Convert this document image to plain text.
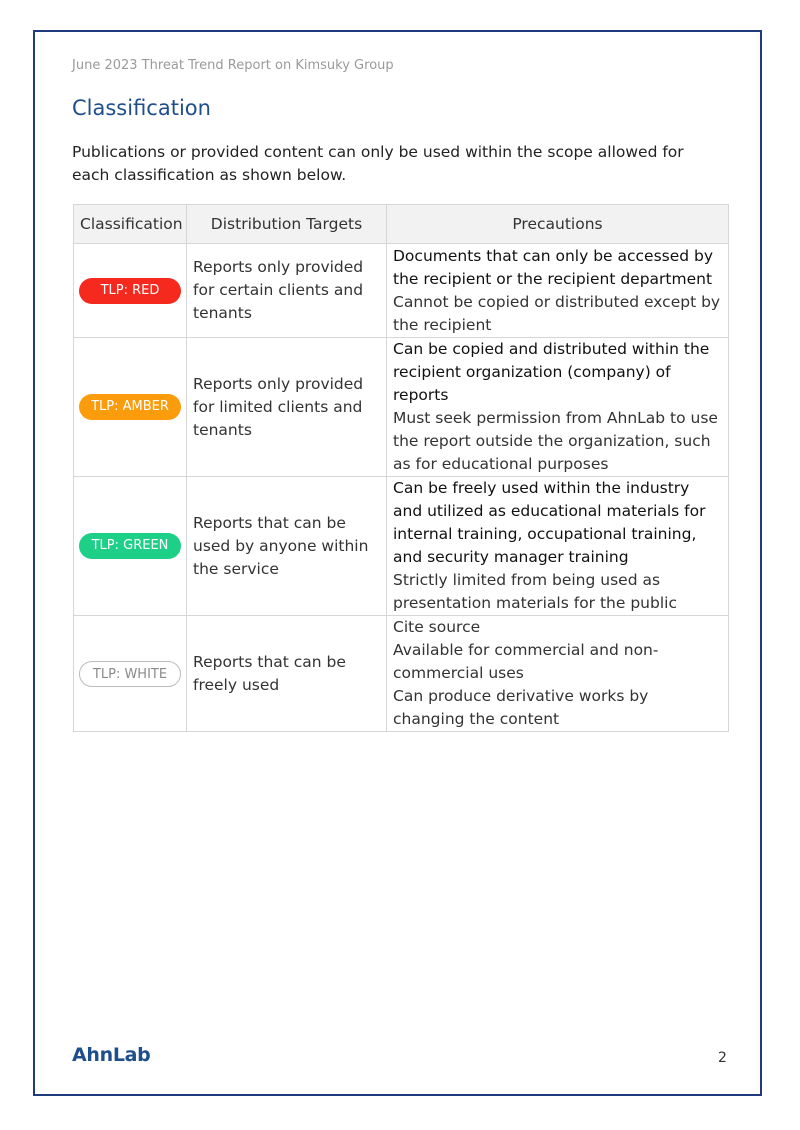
June 2023 Threat Trend Report on Kimsuky Group
Classification

Publications or provided content can only be used within the scope allowed for each classification as shown below.

Classification	Distribution Targets	Precautions
TLP: RED	Reports only provided for certain clients and tenants	Documents that can only be accessed by the recipient or the recipient department
Cannot be copied or distributed except by the recipient

TLP: AMBER	Reports only provided for limited clients and tenants	Can be copied and distributed within the recipient organization (company) of reports
Must seek permission from AhnLab to use the report outside the organization, such as for educational purposes

TLP: GREEN	Reports that can be used by anyone within the service	Can be freely used within the industry and utilized as educational materials for internal training, occupational training, and security manager training
Strictly limited from being used as presentation materials for the public

TLP: WHITE	Reports that can be freely used	Cite source
Available for commercial and non-commercial uses
Can produce derivative works by changing the content
AhnLab	2
